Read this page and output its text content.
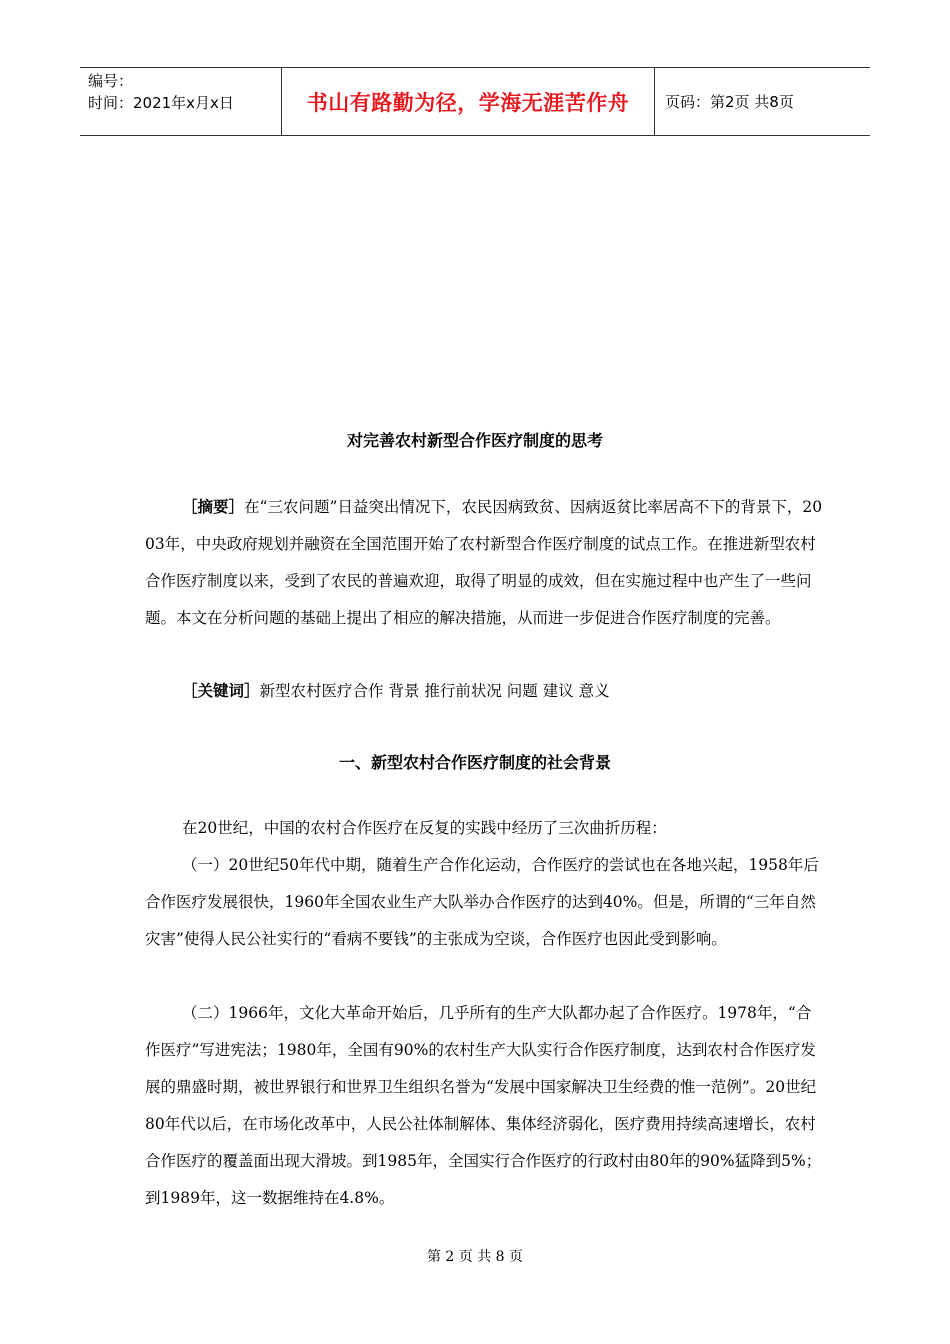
编号：
时间：2021年x月x日	书山有路勤为径，学海无涯苦作舟	页码：第2页 共8页
对完善农村新型合作医疗制度的思考

［摘要］在“三农问题”日益突出情况下，农民因病致贫、因病返贫比率居高不下的背景下，2003年，中央政府规划并融资在全国范围开始了农村新型合作医疗制度的试点工作。在推进新型农村合作医疗制度以来，受到了农民的普遍欢迎，取得了明显的成效，但在实施过程中也产生了一些问题。本文在分析问题的基础上提出了相应的解决措施，从而进一步促进合作医疗制度的完善。

［关键词］新型农村医疗合作 背景 推行前状况 问题 建议 意义

一、新型农村合作医疗制度的社会背景

在20世纪，中国的农村合作医疗在反复的实践中经历了三次曲折历程：

（一）20世纪50年代中期，随着生产合作化运动，合作医疗的尝试也在各地兴起，1958年后合作医疗发展很快，1960年全国农业生产大队举办合作医疗的达到40%。但是，所谓的“三年自然灾害”使得人民公社实行的“看病不要钱”的主张成为空谈，合作医疗也因此受到影响。

（二）1966年，文化大革命开始后，几乎所有的生产大队都办起了合作医疗。1978年，“合作医疗”写进宪法；1980年，全国有90%的农村生产大队实行合作医疗制度，达到农村合作医疗发展的鼎盛时期，被世界银行和世界卫生组织名誉为“发展中国家解决卫生经费的惟一范例”。20世纪80年代以后，在市场化改革中，人民公社体制解体、集体经济弱化，医疗费用持续高速增长，农村合作医疗的覆盖面出现大滑坡。到1985年，全国实行合作医疗的行政村由80年的90%猛降到5%；到1989年，这一数据维持在4.8%。

第 2 页 共 8 页
